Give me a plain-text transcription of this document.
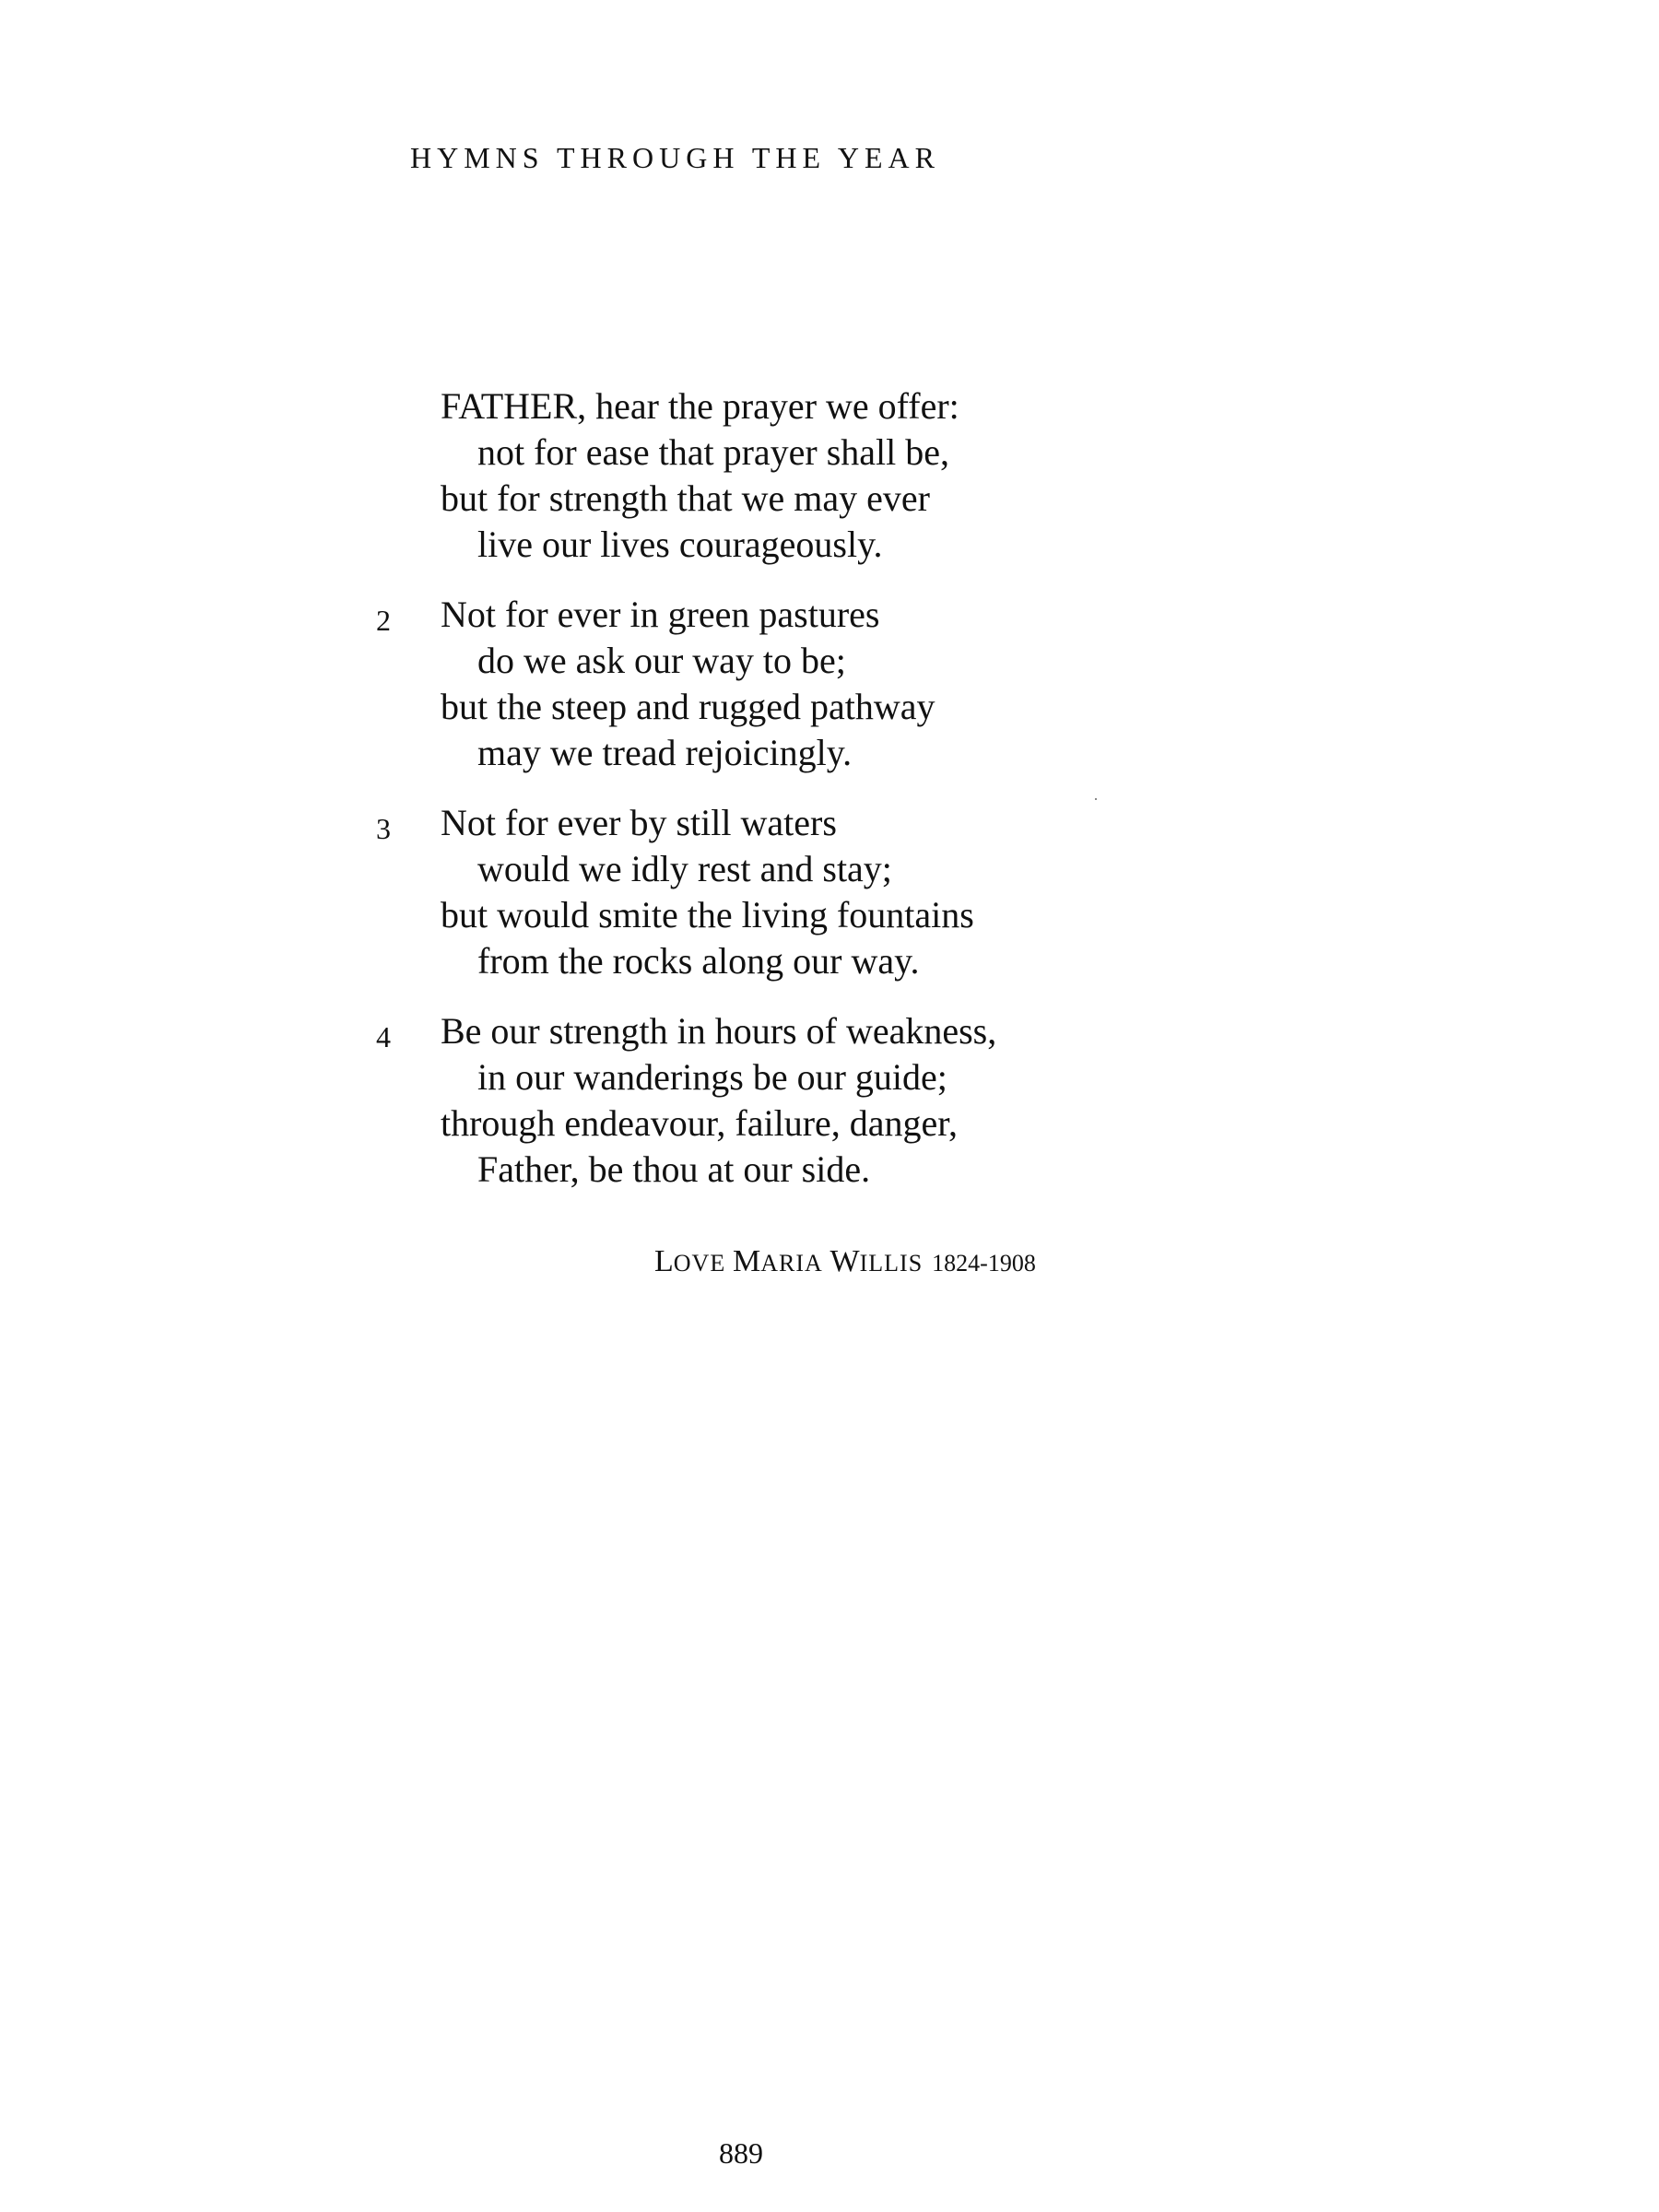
HYMNS THROUGH THE YEAR
FATHER, hear the prayer we offer:
not for ease that prayer shall be,
but for strength that we may ever
live our lives courageously.
2	Not for ever in green pastures
do we ask our way to be;
but the steep and rugged pathway
may we tread rejoicingly.
3	Not for ever by still waters
would we idly rest and stay;
but would smite the living fountains
from the rocks along our way.
4	Be our strength in hours of weakness,
in our wanderings be our guide;
through endeavour, failure, danger,
Father, be thou at our side.
LOVE MARIA WILLIS 1824-1908
889
